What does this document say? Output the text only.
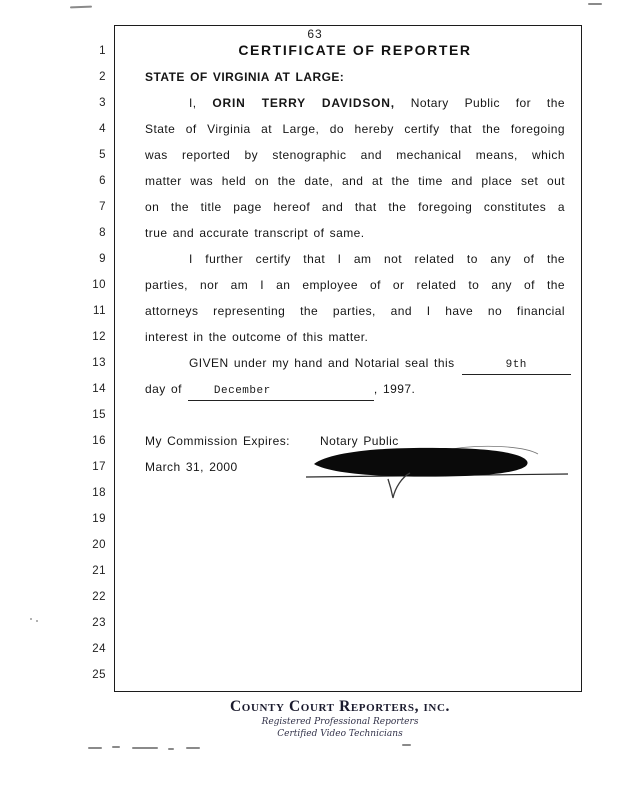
63
1
2
3
4
5
6
7
8
9
10
11
12
13
14
15
16
17
18
19
20
21
22
23
24
25
CERTIFICATE OF REPORTER
STATE OF VIRGINIA AT LARGE:
I, ORIN TERRY DAVIDSON, Notary Public for the
State of Virginia at Large, do hereby certify that the foregoing
was reported by stenographic and mechanical means, which
matter was held on the date, and at the time and place set out
on the title page hereof and that the foregoing constitutes a
true and accurate transcript of same.
I further certify that I am not related to any of the
parties, nor am I an employee of or related to any of the
attorneys representing the parties, and I have no financial
interest in the outcome of this matter.
GIVEN under my hand and Notarial seal this	9th
day of	December	, 1997.
My Commission Expires:	Notary Public
March 31, 2000
County Court Reporters, inc.
Registered Professional Reporters
Certified Video Technicians
